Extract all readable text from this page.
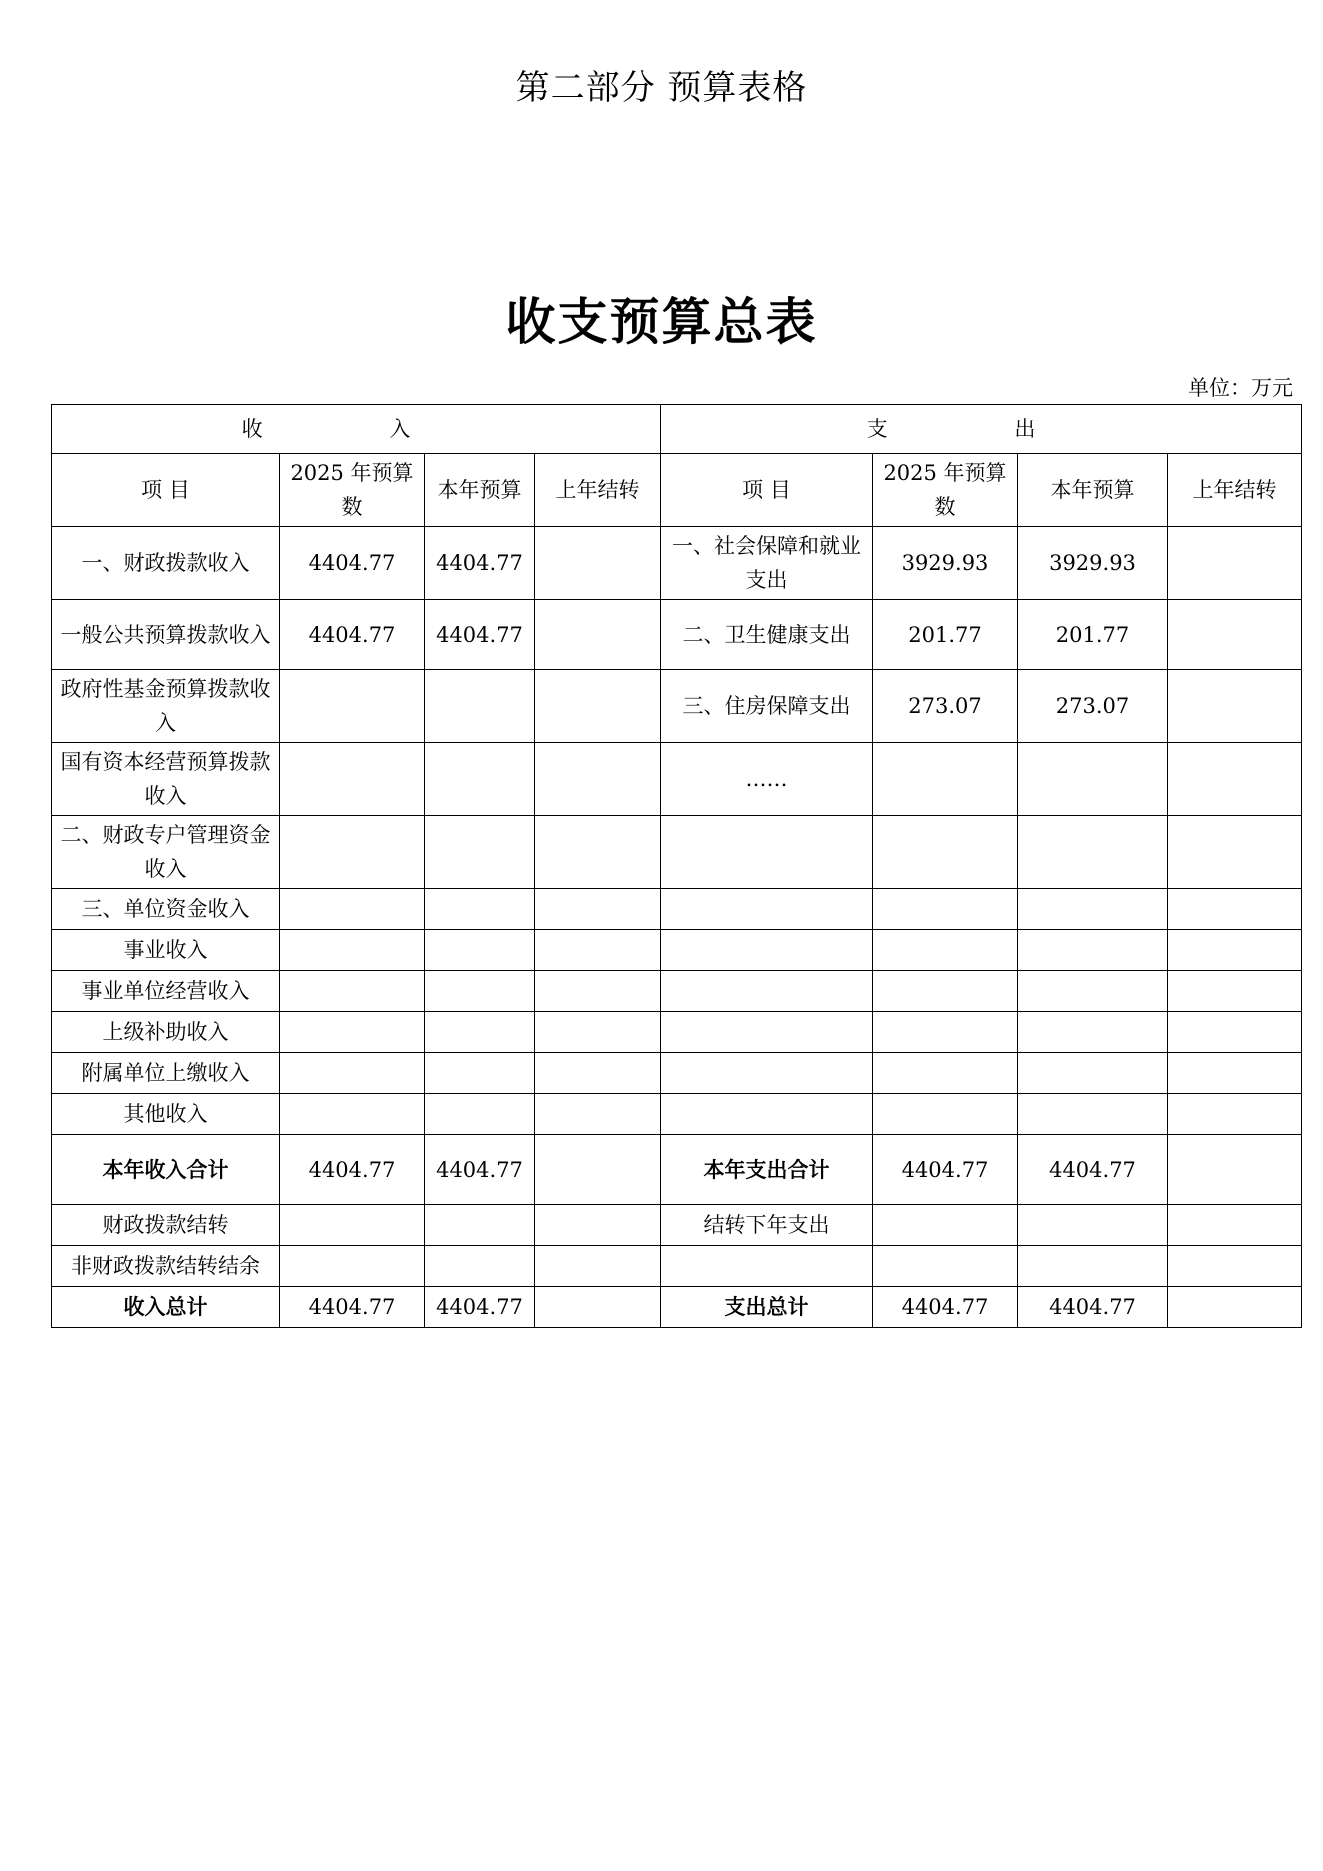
第二部分 预算表格
收支预算总表
单位：万元
收 入				支 出			
项 目	2025 年预算数	本年预算	上年结转	项 目	2025 年预算数	本年预算	上年结转
一、财政拨款收入	4404.77	4404.77		一、社会保障和就业支出	3929.93	3929.93	
一般公共预算拨款收入	4404.77	4404.77		二、卫生健康支出	201.77	201.77	
政府性基金预算拨款收入				三、住房保障支出	273.07	273.07	
国有资本经营预算拨款收入				……			
二、财政专户管理资金收入							
三、单位资金收入							
事业收入							
事业单位经营收入							
上级补助收入							
附属单位上缴收入							
其他收入							
本年收入合计	4404.77	4404.77		本年支出合计	4404.77	4404.77	
财政拨款结转				结转下年支出			
非财政拨款结转结余							
收入总计	4404.77	4404.77		支出总计	4404.77	4404.77	
